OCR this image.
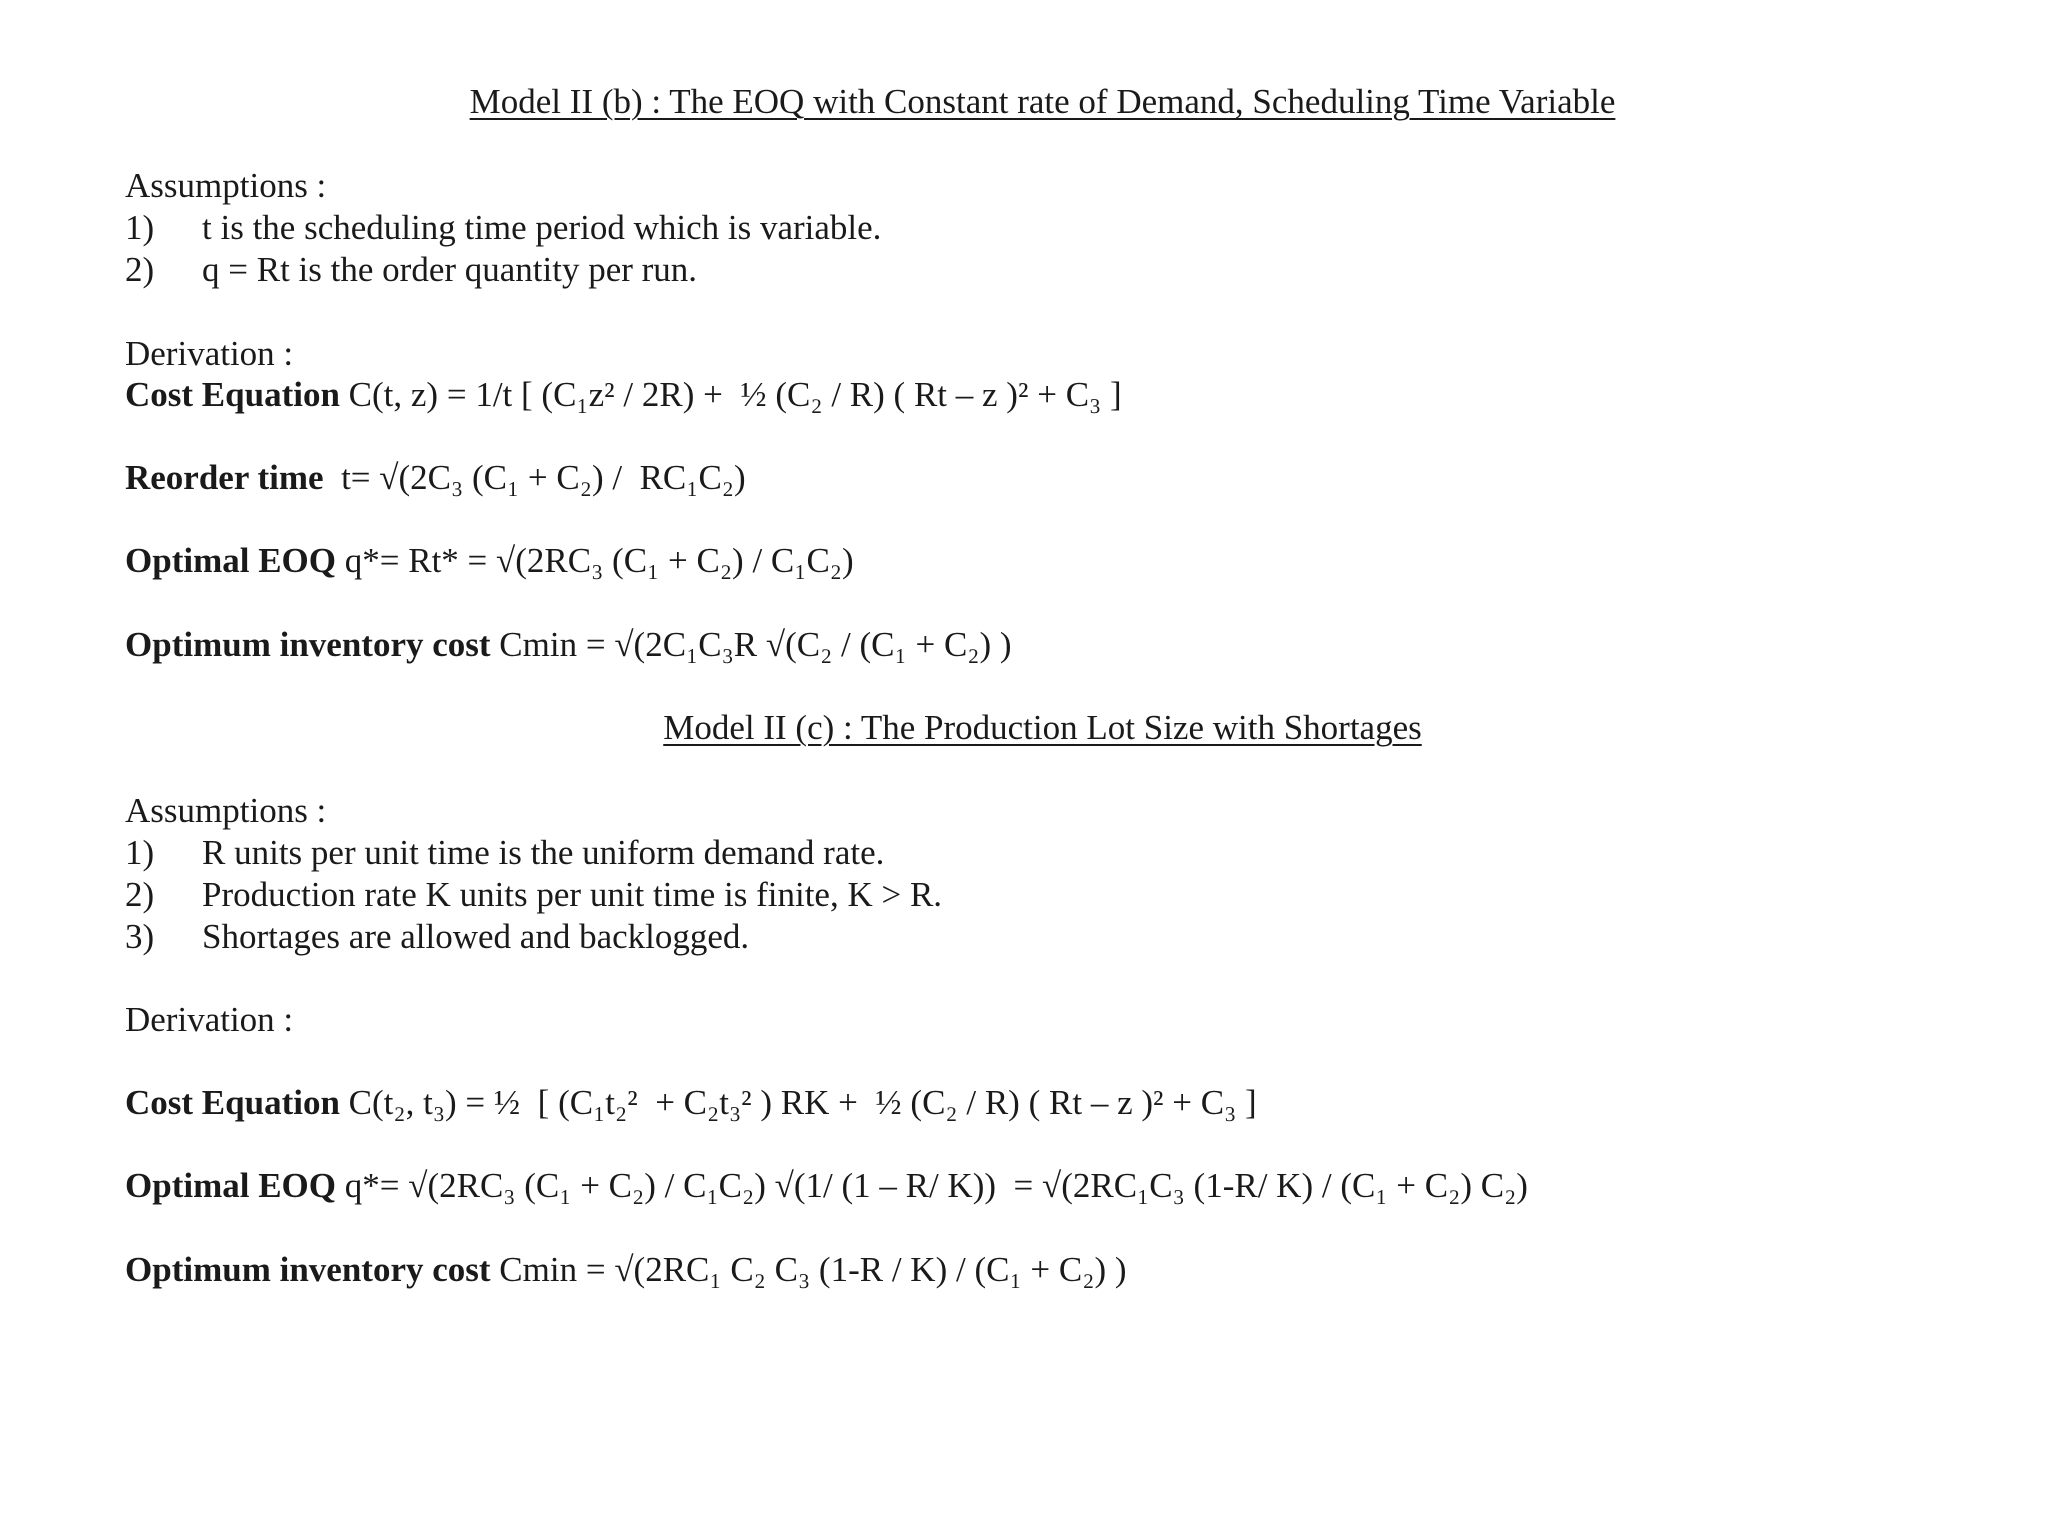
Model II (b) : The EOQ with Constant rate of Demand, Scheduling Time Variable
Assumptions :
1) t is the scheduling time period which is variable.
2) q = Rt is the order quantity per run.
Derivation :
Cost Equation C(t, z) = 1/t [ (C₁z² / 2R) +  ½ (C₂ / R) ( Rt – z )² + C₃ ]
Reorder time  t= √(2C₃ (C₁ + C₂) /  RC₁C₂)
Optimal EOQ q*= Rt* = √(2RC₃ (C₁ + C₂) / C₁C₂)
Optimum inventory cost Cmin = √(2C₁C₃R √(C₂ / (C₁ + C₂) )
Model II (c) : The Production Lot Size with Shortages
Assumptions :
1) R units per unit time is the uniform demand rate.
2) Production rate K units per unit time is finite, K > R.
3) Shortages are allowed and backlogged.
Derivation :
Cost Equation C(t₂, t₃) = ½  [ (C₁t₂²  + C₂t₃² ) RK +  ½ (C₂ / R) ( Rt – z )² + C₃ ]
Optimal EOQ q*= √(2RC₃ (C₁ + C₂) / C₁C₂) √(1/ (1 – R/ K))  = √(2RC₁C₃ (1-R/ K) / (C₁ + C₂) C₂)
Optimum inventory cost Cmin = √(2RC₁ C₂ C₃ (1-R / K) / (C₁ + C₂) )
